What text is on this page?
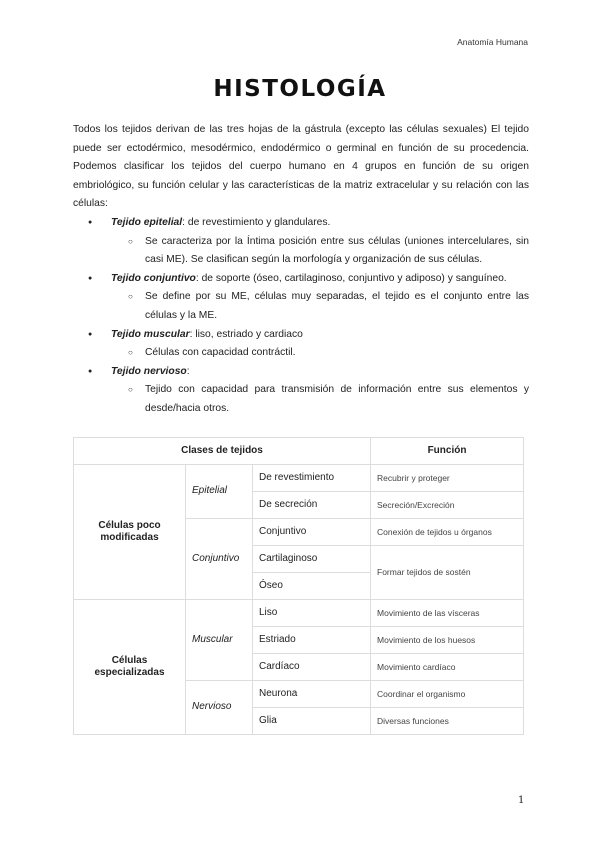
Anatomía Humana
HISTOLOGÍA

Todos los tejidos derivan de las tres hojas de la gástrula (excepto las células sexuales) El tejido puede ser ectodérmico, mesodérmico, endodérmico o germinal en función de su procedencia. Podemos clasificar los tejidos del cuerpo humano en 4 grupos en función de su origen embriológico, su función celular y las características de la matriz extracelular y su relación con las células:

● Tejido epitelial: de revestimiento y glandulares.
○ Se caracteriza por la Íntima posición entre sus células (uniones intercelulares, sin casi ME). Se clasifican según la morfología y organización de sus células.
● Tejido conjuntivo: de soporte (óseo, cartilaginoso, conjuntivo y adiposo) y sanguíneo.
○ Se define por su ME, células muy separadas, el tejido es el conjunto entre las células y la ME.
● Tejido muscular: liso, estriado y cardiaco
○ Células con capacidad contráctil.
● Tejido nervioso:
○ Tejido con capacidad para transmisión de información entre sus elementos y desde/hacia otros.
Clases de tejidos			Función
Células poco modificadas	Epitelial	De revestimiento	Recubrir y proteger
		De secreción	Secreción/Excreción
	Conjuntivo	Conjuntivo	Conexión de tejidos u órganos
		Cartilaginoso	Formar tejidos de sostén
		Óseo	
Células especializadas	Muscular	Liso	Movimiento de las vísceras
		Estriado	Movimiento de los huesos
		Cardíaco	Movimiento cardíaco
	Nervioso	Neurona	Coordinar el organismo
		Glia	Diversas funciones
1
